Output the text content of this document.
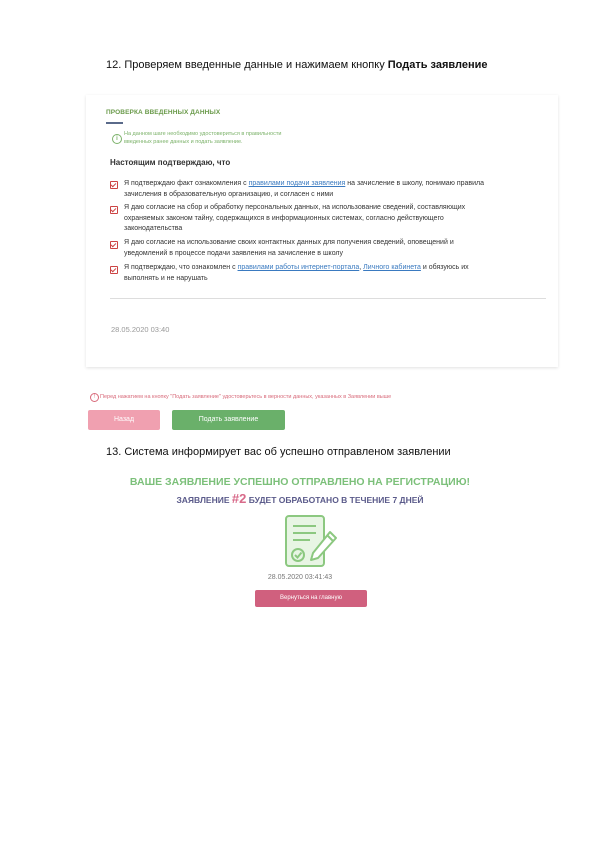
12. Проверяем введенные данные и нажимаем кнопку Подать заявление
ПРОВЕРКА ВВЕДЕННЫХ ДАННЫХ
i
На данном шаге необходимо удостовериться в правильности
введенных ранее данных и подать заявление.
Настоящим подтверждаю, что
Я подтверждаю факт ознакомления с правилами подачи заявления на зачисление в школу, понимаю правила
зачисления в образовательную организацию, и согласен с ними
Я даю согласие на сбор и обработку персональных данных, на использование сведений, составляющих
охраняемых законом тайну, содержащихся в информационных системах, согласно действующего
законодательства
Я даю согласие на использование своих контактных данных для получения сведений, оповещений и
уведомлений в процессе подачи заявления на зачисление в школу
Я подтверждаю, что ознакомлен с правилами работы интернет-портала, Личного кабинета и обязуюсь их
выполнять и не нарушать
28.05.2020 03:40
! Перед нажатием на кнопку "Подать заявление" удостоверьтесь в верности данных, указанных в Заявлении выше
Назад	Подать заявление
13. Система информирует вас об успешно отправленом заявлении
ВАШЕ ЗАЯВЛЕНИЕ УСПЕШНО ОТПРАВЛЕНО НА РЕГИСТРАЦИЮ!
ЗАЯВЛЕНИЕ #2 БУДЕТ ОБРАБОТАНО В ТЕЧЕНИЕ 7 ДНЕЙ
28.05.2020 03:41:43
Вернуться на главную
